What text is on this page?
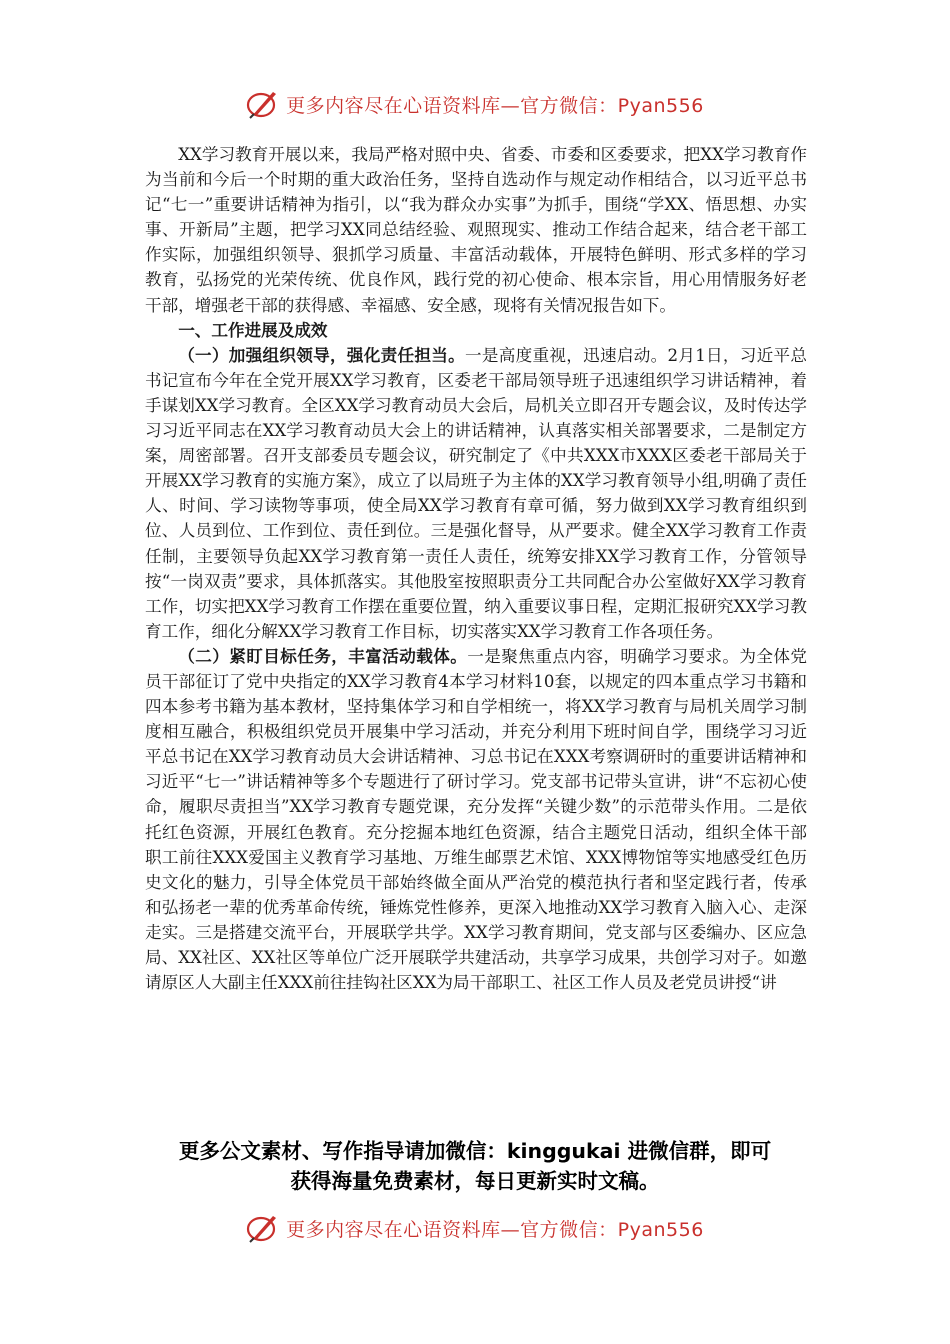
更多内容尽在心语资料库—官方微信：Pyan556

XX学习教育开展以来，我局严格对照中央、省委、市委和区委要求，把XX学习教育作为当前和今后一个时期的重大政治任务，坚持自选动作与规定动作相结合，以习近平总书记“七一”重要讲话精神为指引，以“我为群众办实事”为抓手，围绕“学XX、悟思想、办实事、开新局”主题，把学习XX同总结经验、观照现实、推动工作结合起来，结合老干部工作实际，加强组织领导、狠抓学习质量、丰富活动载体，开展特色鲜明、形式多样的学习教育，弘扬党的光荣传统、优良作风，践行党的初心使命、根本宗旨，用心用情服务好老干部，增强老干部的获得感、幸福感、安全感，现将有关情况报告如下。

一、工作进展及成效

（一）加强组织领导，强化责任担当。一是高度重视，迅速启动。2月1日，习近平总书记宣布今年在全党开展XX学习教育，区委老干部局领导班子迅速组织学习讲话精神，着手谋划XX学习教育。全区XX学习教育动员大会后，局机关立即召开专题会议，及时传达学习习近平同志在XX学习教育动员大会上的讲话精神，认真落实相关部署要求，二是制定方案，周密部署。召开支部委员专题会议，研究制定了《中共XXX市XXX区委老干部局关于开展XX学习教育的实施方案》，成立了以局班子为主体的XX学习教育领导小组,明确了责任人、时间、学习读物等事项，使全局XX学习教育有章可循，努力做到XX学习教育组织到位、人员到位、工作到位、责任到位。三是强化督导，从严要求。健全XX学习教育工作责任制，主要领导负起XX学习教育第一责任人责任，统筹安排XX学习教育工作，分管领导按“一岗双责”要求，具体抓落实。其他股室按照职责分工共同配合办公室做好XX学习教育工作，切实把XX学习教育工作摆在重要位置，纳入重要议事日程，定期汇报研究XX学习教育工作，细化分解XX学习教育工作目标，切实落实XX学习教育工作各项任务。

（二）紧盯目标任务，丰富活动载体。一是聚焦重点内容，明确学习要求。为全体党员干部征订了党中央指定的XX学习教育4本学习材料10套，以规定的四本重点学习书籍和四本参考书籍为基本教材，坚持集体学习和自学相统一，将XX学习教育与局机关周学习制度相互融合，积极组织党员开展集中学习活动，并充分利用下班时间自学，围绕学习习近平总书记在XX学习教育动员大会讲话精神、习总书记在XXX考察调研时的重要讲话精神和习近平“七一”讲话精神等多个专题进行了研讨学习。党支部书记带头宣讲，讲“不忘初心使命，履职尽责担当”XX学习教育专题党课，充分发挥“关键少数”的示范带头作用。二是依托红色资源，开展红色教育。充分挖掘本地红色资源，结合主题党日活动，组织全体干部职工前往XXX爱国主义教育学习基地、万维生邮票艺术馆、XXX博物馆等实地感受红色历史文化的魅力，引导全体党员干部始终做全面从严治党的模范执行者和坚定践行者，传承和弘扬老一辈的优秀革命传统，锤炼党性修养，更深入地推动XX学习教育入脑入心、走深走实。三是搭建交流平台，开展联学共学。XX学习教育期间，党支部与区委编办、区应急局、XX社区、XX社区等单位广泛开展联学共建活动，共享学习成果，共创学习对子。如邀请原区人大副主任XXX前往挂钩社区XX为局干部职工、社区工作人员及老党员讲授“讲

更多公文素材、写作指导请加微信：kinggukai 进微信群，即可
获得海量免费素材，每日更新实时文稿。
更多内容尽在心语资料库—官方微信：Pyan556
